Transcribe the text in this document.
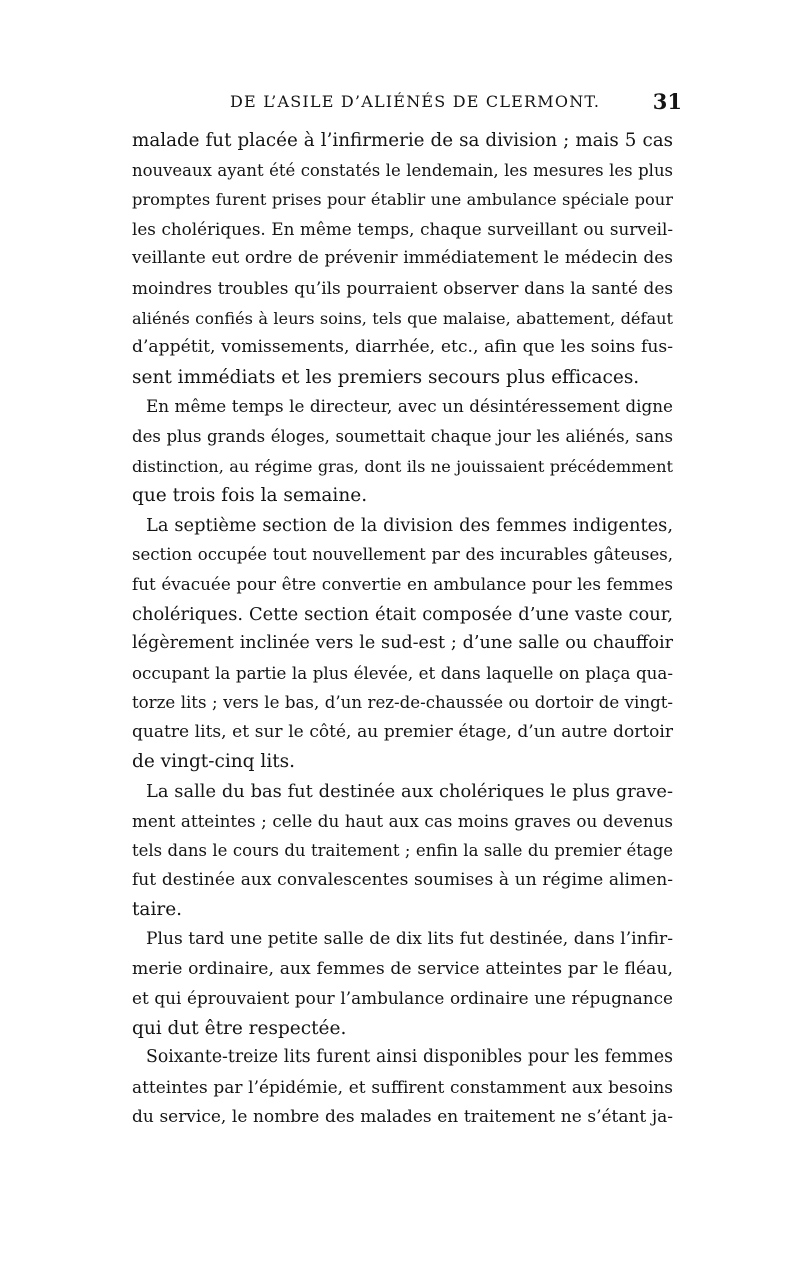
DE L’ASILE D’ALIÉNÉS DE CLERMONT.	31
malade fut placée à l’infirmerie de sa division ; mais 5 cas
nouveaux ayant été constatés le lendemain, les mesures les plus
promptes furent prises pour établir une ambulance spéciale pour
les cholériques. En même temps, chaque surveillant ou surveil-
veillante eut ordre de prévenir immédiatement le médecin des
moindres troubles qu’ils pourraient observer dans la santé des
aliénés confiés à leurs soins, tels que malaise, abattement, défaut
d’appétit, vomissements, diarrhée, etc., afin que les soins fus-
sent immédiats et les premiers secours plus efficaces.
En même temps le directeur, avec un désintéressement digne
des plus grands éloges, soumettait chaque jour les aliénés, sans
distinction, au régime gras, dont ils ne jouissaient précédemment
que trois fois la semaine.
La septième section de la division des femmes indigentes,
section occupée tout nouvellement par des incurables gâteuses,
fut évacuée pour être convertie en ambulance pour les femmes
cholériques. Cette section était composée d’une vaste cour,
légèrement inclinée vers le sud-est ; d’une salle ou chauffoir
occupant la partie la plus élevée, et dans laquelle on plaça qua-
torze lits ; vers le bas, d’un rez-de-chaussée ou dortoir de vingt-
quatre lits, et sur le côté, au premier étage, d’un autre dortoir
de vingt-cinq lits.
La salle du bas fut destinée aux cholériques le plus grave-
ment atteintes ; celle du haut aux cas moins graves ou devenus
tels dans le cours du traitement ; enfin la salle du premier étage
fut destinée aux convalescentes soumises à un régime alimen-
taire.
Plus tard une petite salle de dix lits fut destinée, dans l’infir-
merie ordinaire, aux femmes de service atteintes par le fléau,
et qui éprouvaient pour l’ambulance ordinaire une répugnance
qui dut être respectée.
Soixante-treize lits furent ainsi disponibles pour les femmes
atteintes par l’épidémie, et suffirent constamment aux besoins
du service, le nombre des malades en traitement ne s’étant ja-
